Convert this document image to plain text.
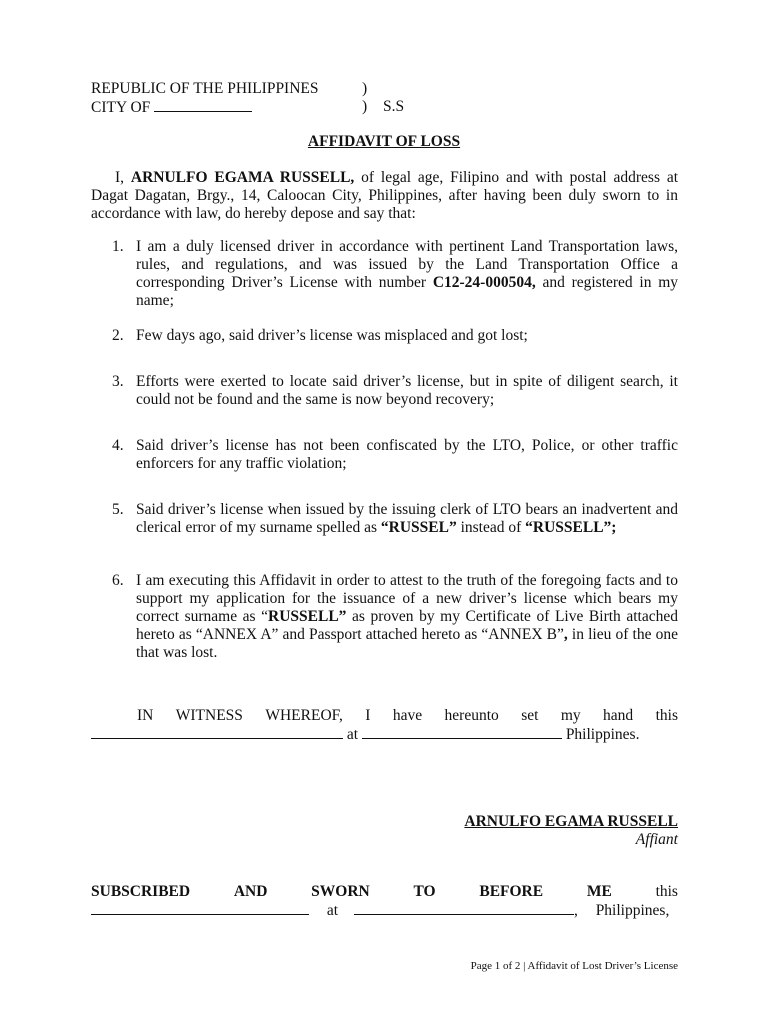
REPUBLIC OF THE PHILIPPINES	)
CITY OF	) S.S
AFFIDAVIT OF LOSS
I, ARNULFO EGAMA RUSSELL, of legal age, Filipino and with postal address at Dagat Dagatan, Brgy., 14, Caloocan City, Philippines, after having been duly sworn to in accordance with law, do hereby depose and say that:
1. I am a duly licensed driver in accordance with pertinent Land Transportation laws, rules, and regulations, and was issued by the Land Transportation Office a corresponding Driver’s License with number C12-24-000504, and registered in my name;
2. Few days ago, said driver’s license was misplaced and got lost;
3. Efforts were exerted to locate said driver’s license, but in spite of diligent search, it could not be found and the same is now beyond recovery;
4. Said driver’s license has not been confiscated by the LTO, Police, or other traffic enforcers for any traffic violation;
5. Said driver’s license when issued by the issuing clerk of LTO bears an inadvertent and clerical error of my surname spelled as “RUSSEL” instead of “RUSSELL”;
6. I am executing this Affidavit in order to attest to the truth of the foregoing facts and to support my application for the issuance of a new driver’s license which bears my correct surname as “RUSSELL” as proven by my Certificate of Live Birth attached hereto as “ANNEX A” and Passport attached hereto as “ANNEX B”, in lieu of the one that was lost.
IN WITNESS WHEREOF, I have hereunto set my hand this
at	Philippines.
ARNULFO EGAMA RUSSELL
Affiant
SUBSCRIBED	AND	SWORN	TO	BEFORE	ME	this
at	, Philippines,
Page 1 of 2 | Affidavit of Lost Driver’s License
